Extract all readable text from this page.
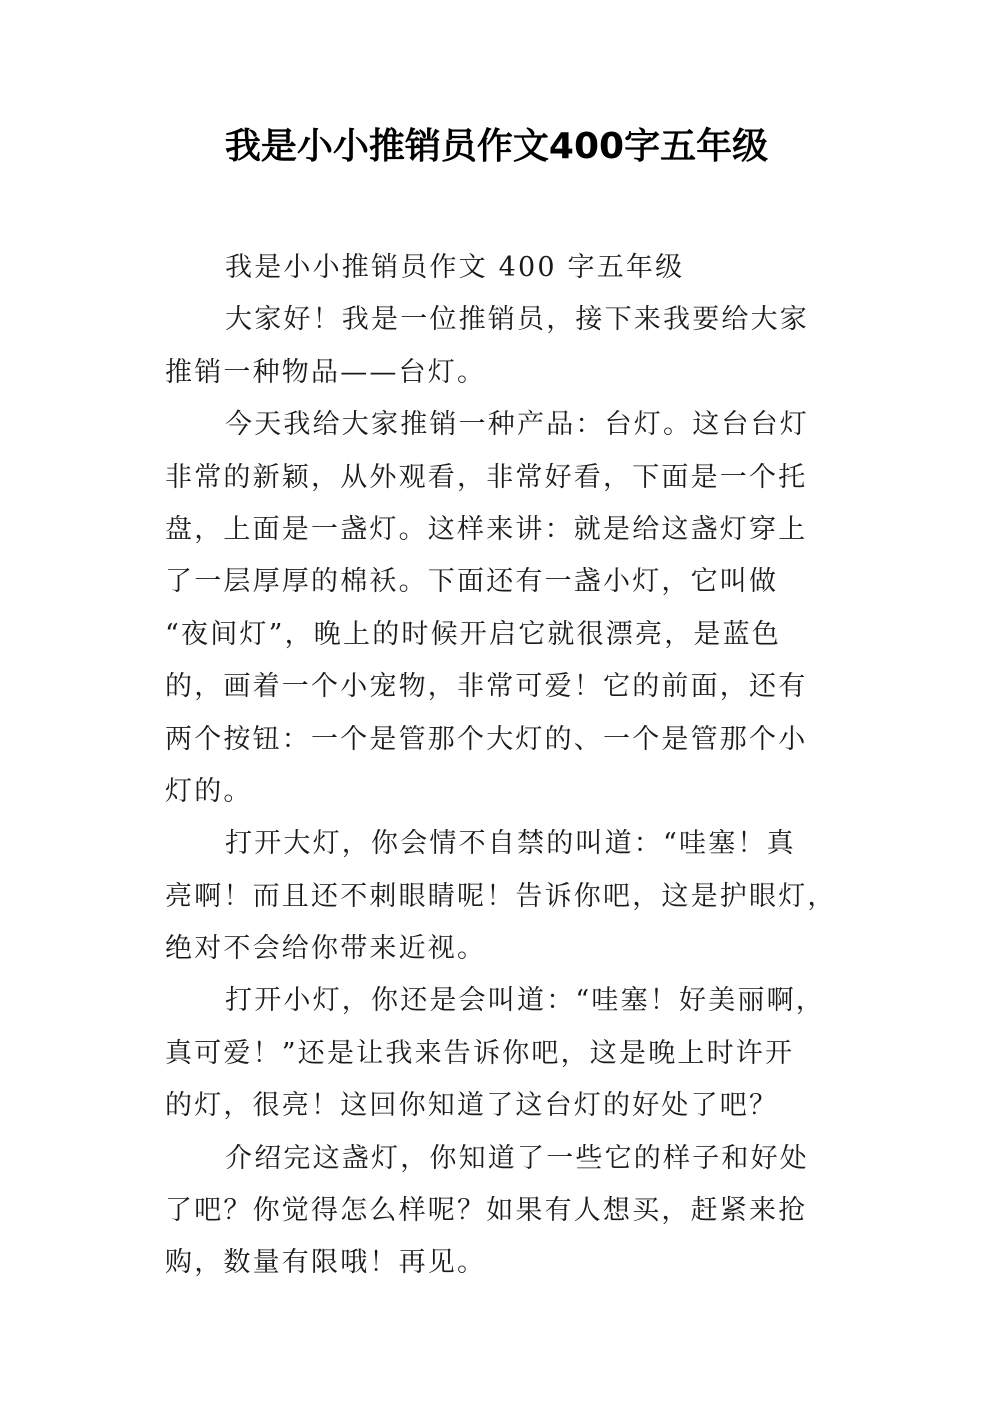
我是小小推销员作文400字五年级
我是小小推销员作文 400 字五年级
大家好！我是一位推销员，接下来我要给大家
推销一种物品——台灯。
今天我给大家推销一种产品：台灯。这台台灯
非常的新颖，从外观看，非常好看，下面是一个托
盘，上面是一盏灯。这样来讲：就是给这盏灯穿上
了一层厚厚的棉袄。下面还有一盏小灯，它叫做
“夜间灯”，晚上的时候开启它就很漂亮，是蓝色
的，画着一个小宠物，非常可爱！它的前面，还有
两个按钮：一个是管那个大灯的、一个是管那个小
灯的。
打开大灯，你会情不自禁的叫道：“哇塞！真
亮啊！而且还不刺眼睛呢！告诉你吧，这是护眼灯，
绝对不会给你带来近视。
打开小灯，你还是会叫道：“哇塞！好美丽啊，
真可爱！”还是让我来告诉你吧，这是晚上时许开
的灯，很亮！这回你知道了这台灯的好处了吧？
介绍完这盏灯，你知道了一些它的样子和好处
了吧？你觉得怎么样呢？如果有人想买，赶紧来抢
购，数量有限哦！再见。
